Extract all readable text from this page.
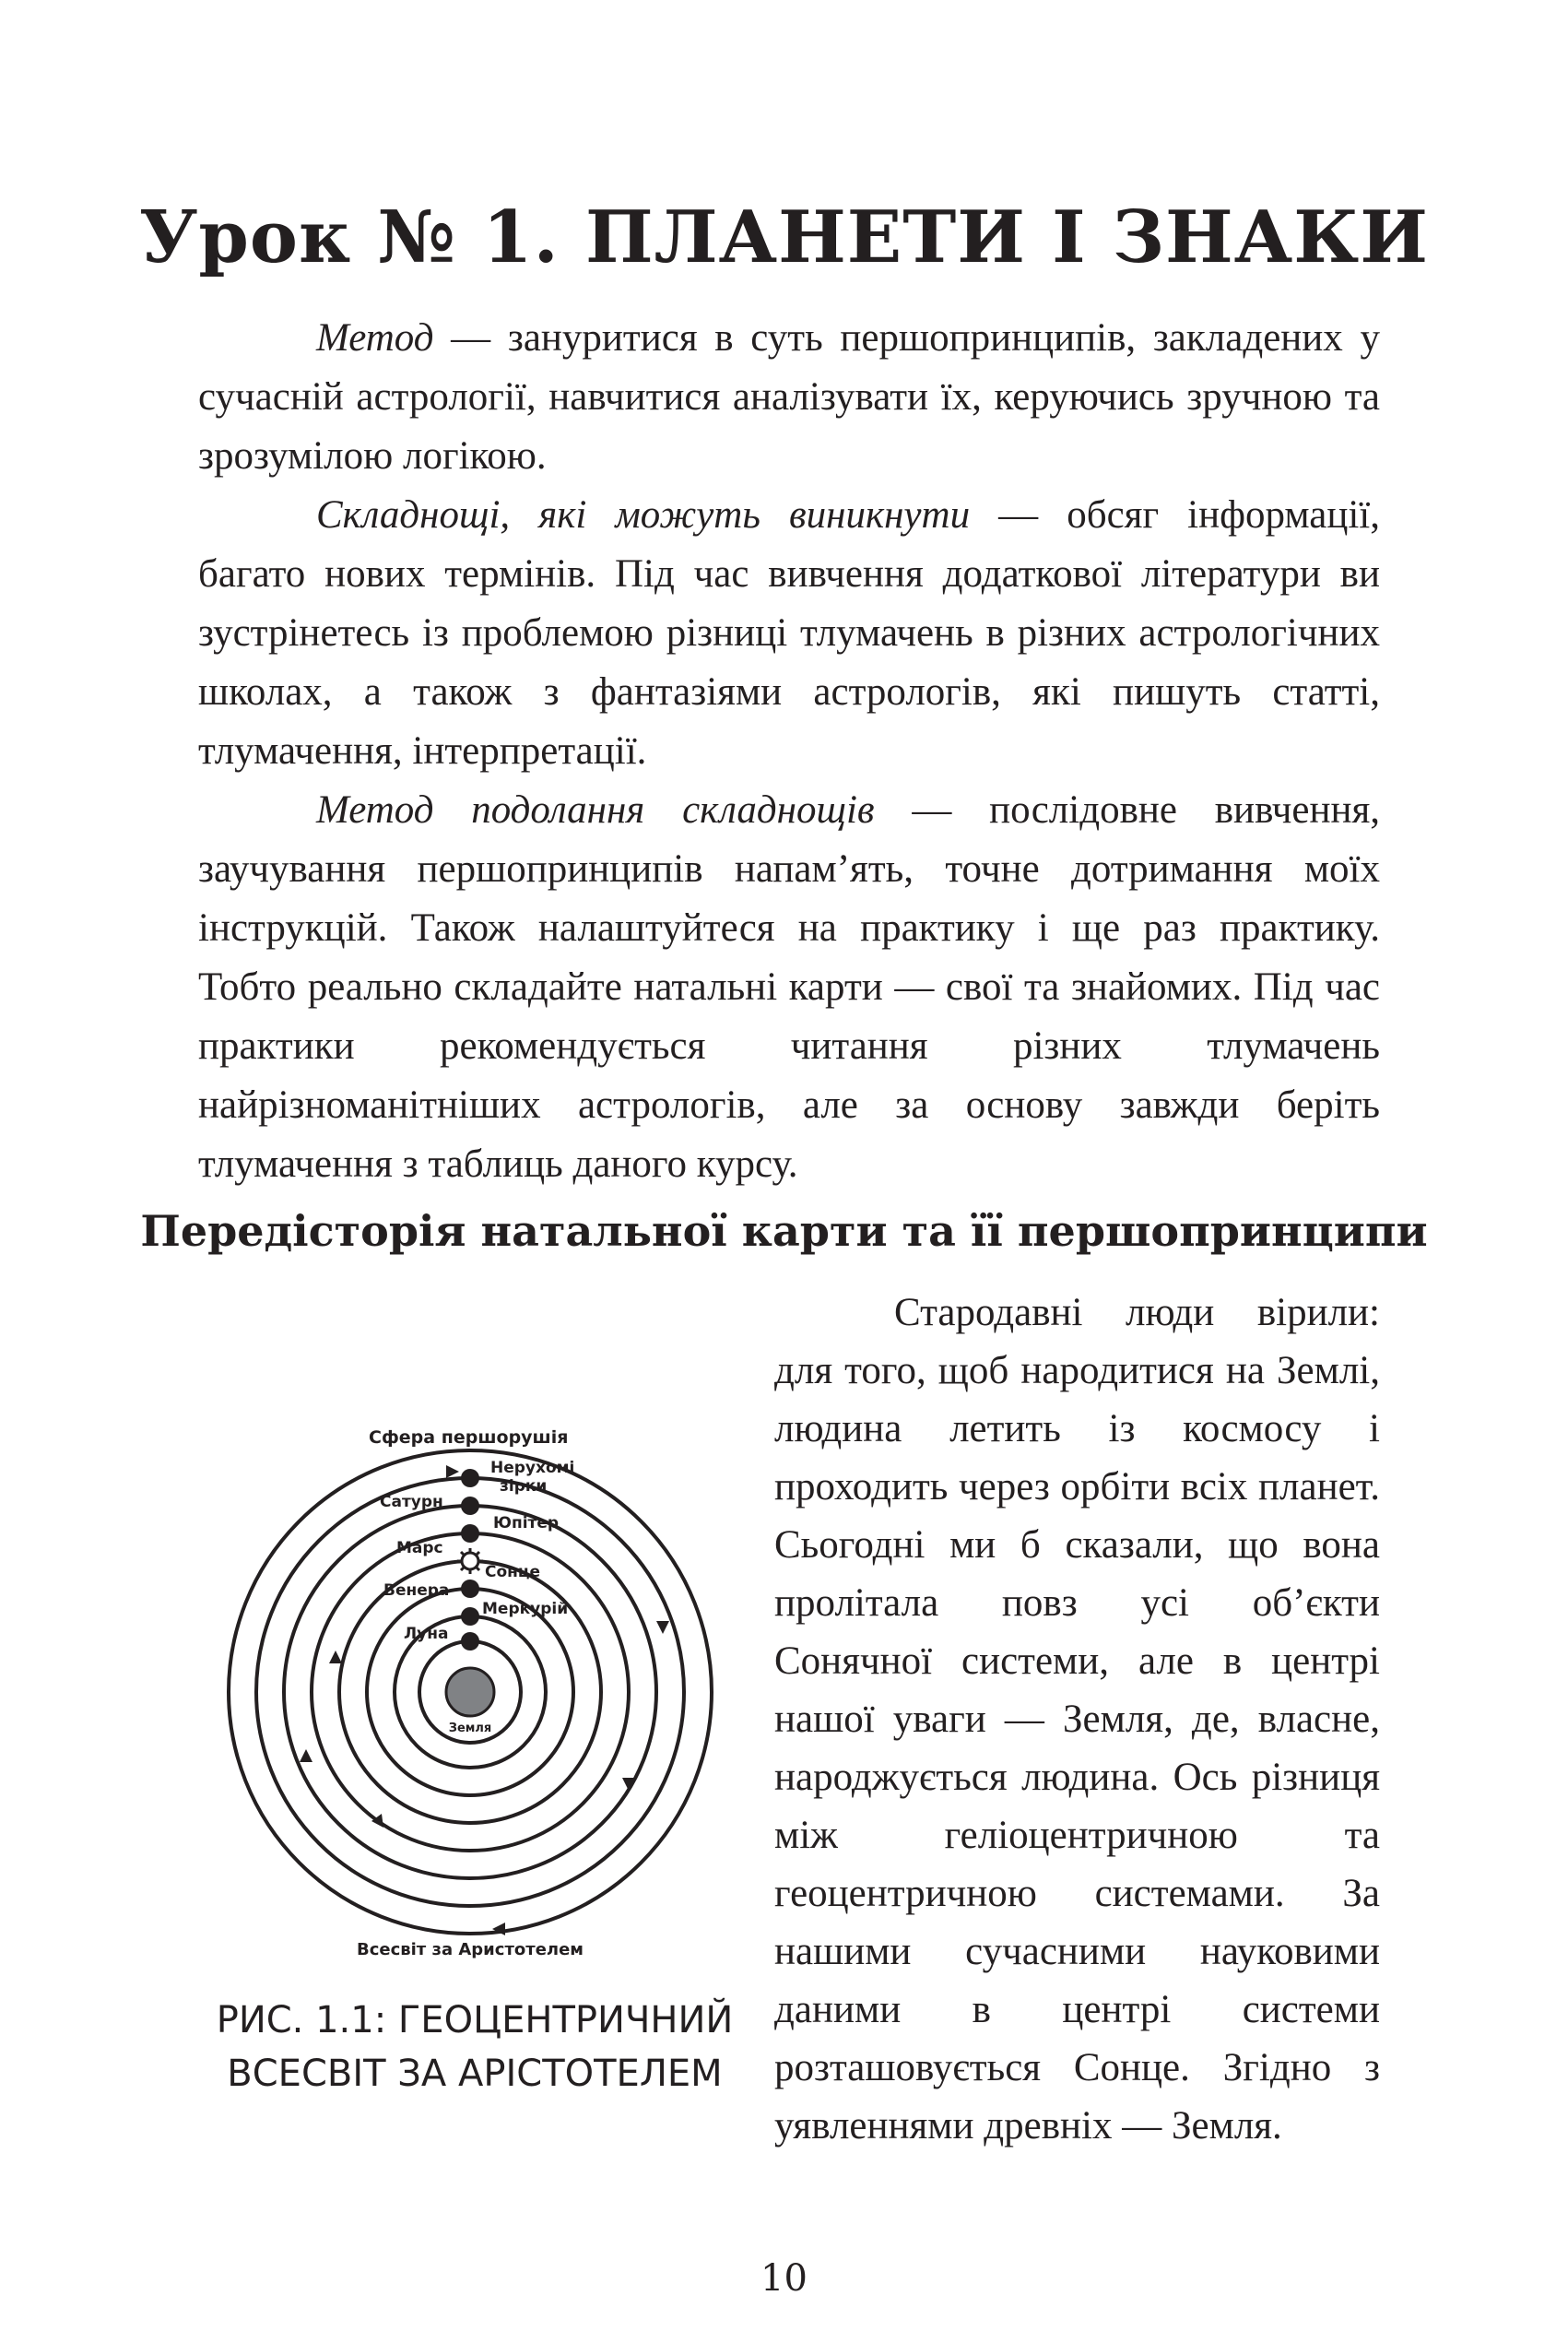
Урок № 1. ПЛАНЕТИ І ЗНАКИ

Метод — зануритися в суть першопринципів, закладених у сучасній астрології, навчитися аналізувати їх, керуючись зручною та зрозумілою логікою.

Складнощі, які можуть виникнути — обсяг інформації, багато нових термінів. Під час вивчення додаткової літератури ви зустрінетесь із проблемою різниці тлумачень в різних астрологічних школах, а також з фантазіями астрологів, які пишуть статті, тлумачення, інтерпретації.

Метод подолання складнощів — послідовне вивчення, заучування першопринципів напам’ять, точне дотримання моїх інструкцій. Також налаштуйтеся на практику і ще раз практику. Тобто реально складайте натальні карти — свої та знайомих. Під час практики рекомендується читання різних тлумачень найрізноманітніших астрологів, але за основу завжди беріть тлумачення з таблиць даного курсу.

Передісторія натальної карти та її першопринципи

Стародавні люди вірили: для того, щоб народитися на Землі, людина летить із космосу і проходить через орбіти всіх планет. Сьогодні ми б сказали, що вона пролітала повз усі об’єкти Сонячної системи, але в центрі нашої уваги — Земля, де, власне, народжується людина. Ось різниця між геліоцентричною та геоцентричною системами. За нашими сучасними науковими даними в центрі системи розташовується Сонце. Згідно з уявленнями древніх — Земля.

Сфера першорушія
Нерухомі
зірки
Сатурн
Юпітер
Марс
Сонце
Венера
Меркурій
Луна
Земля
Всесвіт за Аристотелем

РИС. 1.1: ГЕОЦЕНТРИЧНИЙ
ВСЕСВІТ ЗА АРІСТОТЕЛЕМ

10
